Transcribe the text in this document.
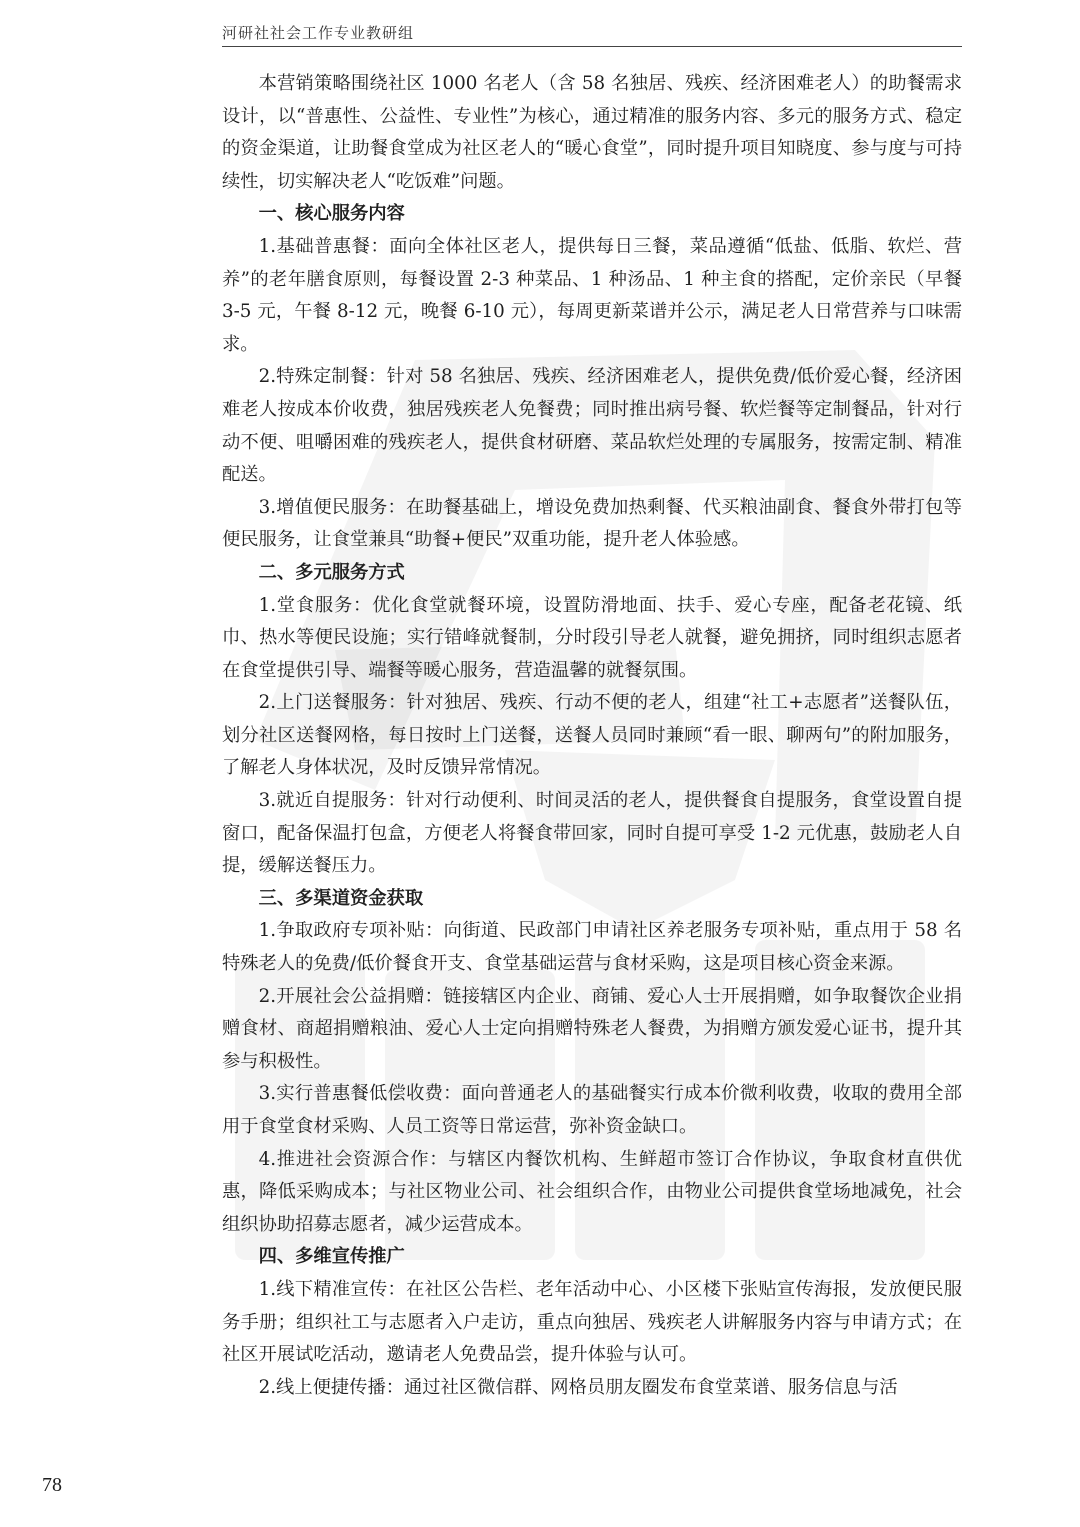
河研社社会工作专业教研组

本营销策略围绕社区 1000 名老人（含 58 名独居、残疾、经济困难老人）的助餐需求设计，以“普惠性、公益性、专业性”为核心，通过精准的服务内容、多元的服务方式、稳定的资金渠道，让助餐食堂成为社区老人的“暖心食堂”，同时提升项目知晓度、参与度与可持续性，切实解决老人“吃饭难”问题。

一、核心服务内容

1.基础普惠餐：面向全体社区老人，提供每日三餐，菜品遵循“低盐、低脂、软烂、营养”的老年膳食原则，每餐设置 2-3 种菜品、1 种汤品、1 种主食的搭配，定价亲民（早餐 3-5 元，午餐 8-12 元，晚餐 6-10 元），每周更新菜谱并公示，满足老人日常营养与口味需求。

2.特殊定制餐：针对 58 名独居、残疾、经济困难老人，提供免费/低价爱心餐，经济困难老人按成本价收费，独居残疾老人免餐费；同时推出病号餐、软烂餐等定制餐品，针对行动不便、咀嚼困难的残疾老人，提供食材研磨、菜品软烂处理的专属服务，按需定制、精准配送。

3.增值便民服务：在助餐基础上，增设免费加热剩餐、代买粮油副食、餐食外带打包等便民服务，让食堂兼具“助餐+便民”双重功能，提升老人体验感。

二、多元服务方式

1.堂食服务：优化食堂就餐环境，设置防滑地面、扶手、爱心专座，配备老花镜、纸巾、热水等便民设施；实行错峰就餐制，分时段引导老人就餐，避免拥挤，同时组织志愿者在食堂提供引导、端餐等暖心服务，营造温馨的就餐氛围。

2.上门送餐服务：针对独居、残疾、行动不便的老人，组建“社工+志愿者”送餐队伍，划分社区送餐网格，每日按时上门送餐，送餐人员同时兼顾“看一眼、聊两句”的附加服务，了解老人身体状况，及时反馈异常情况。

3.就近自提服务：针对行动便利、时间灵活的老人，提供餐食自提服务，食堂设置自提窗口，配备保温打包盒，方便老人将餐食带回家，同时自提可享受 1-2 元优惠，鼓励老人自提，缓解送餐压力。

三、多渠道资金获取

1.争取政府专项补贴：向街道、民政部门申请社区养老服务专项补贴，重点用于 58 名特殊老人的免费/低价餐食开支、食堂基础运营与食材采购，这是项目核心资金来源。

2.开展社会公益捐赠：链接辖区内企业、商铺、爱心人士开展捐赠，如争取餐饮企业捐赠食材、商超捐赠粮油、爱心人士定向捐赠特殊老人餐费，为捐赠方颁发爱心证书，提升其参与积极性。

3.实行普惠餐低偿收费：面向普通老人的基础餐实行成本价微利收费，收取的费用全部用于食堂食材采购、人员工资等日常运营，弥补资金缺口。

4.推进社会资源合作：与辖区内餐饮机构、生鲜超市签订合作协议，争取食材直供优惠，降低采购成本；与社区物业公司、社会组织合作，由物业公司提供食堂场地减免，社会组织协助招募志愿者，减少运营成本。

四、多维宣传推广

1.线下精准宣传：在社区公告栏、老年活动中心、小区楼下张贴宣传海报，发放便民服务手册；组织社工与志愿者入户走访，重点向独居、残疾老人讲解服务内容与申请方式；在社区开展试吃活动，邀请老人免费品尝，提升体验与认可。

2.线上便捷传播：通过社区微信群、网格员朋友圈发布食堂菜谱、服务信息与活

78
